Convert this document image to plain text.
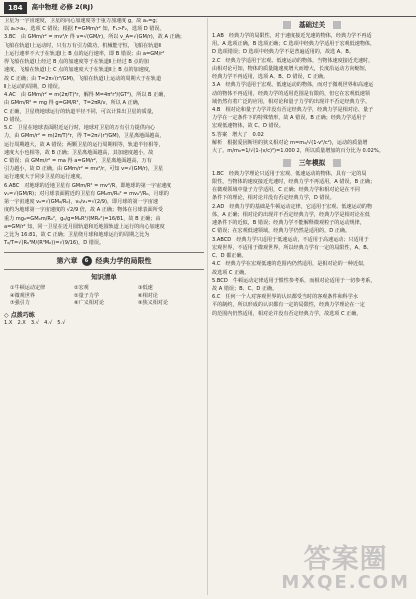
184	高中物理 必修 2(RJ)

卫星为一宇宙速度，卫星的向心加速度等于重力加速度 g，故 a₁=g；

以 a₁>a₂，选项 C 错误；根据 F=GMm/r² 知，F₁>F₂，选项 D 错误。

3.BC　由 GMm/r² = mv²/r 得 v=√(GM/r)，所以 v_A=√(GM/r)，故 A 正确；

飞船在轨道Ⅰ上运动时，只有万有引力做功，机械能守恒，飞船在轨道Ⅱ

上运行速率不大于在轨道Ⅰ上 B 点的运行速率，即 B 错误；由 a=GM/r²

得飞船在轨道Ⅰ上经过 B 点的加速度等于在轨道Ⅱ上经过 B 点的加

速度，飞船在轨道Ⅰ上 C 点的加速度大于在轨道Ⅱ上 B 点的加速度，

故 C 正确；由 T=2π√(r³/GM)，飞船在轨道Ⅰ上运动的周期大于在轨道

Ⅱ上运动的周期，D 错误。

4.AC　由 GMm/r² = m(2π/T)²r，解得 M=4π²r³/(GT²)，所以 B 正确，

由 GMm/R² = mg 得 g=GM/R²，T=2πR/v，所以 A 正确，

C 正确，卫星绕地球运行的轨道半径不同，可以计算出卫星的质量，

D 错误。

5.C　卫星在地球表面附近运行时，地球对卫星的万有引力提供向心

力，由 GMm/r² = m(2π/T)²r，得 T=2π√(r³/GM)，卫星离地面越高，

运行周期越大，故 A 错误；两颗卫星的运行周期相等，轨道半径相等，

速度大小也相等，故 B 正确；卫星离地面越高，其加速度越小，故

C 错误；由 GMm/r² = ma 得 a=GM/r²，卫星离地面越高，万有

引力越小，故 D 正确。由 GMm/r² = mv²/r，可知 v=√(GM/r)，卫星

运行速度大于同步卫星的运行速度。

6.ABC　对地球的近地卫星有 GMm/R² = mv²/R，即地球的第一宇宙速度

v₁=√(GM/R)；对月球表面附近的卫星有 GM₀m/R₀² = mv₀²/R₀，月球的

第一宇宙速度 v₀=√(GM₀/R₀)，v₀/v₁=√(2/9)，即月球的第一宇宙速

度约为地球第一宇宙速度的 √2/9 倍，故 A 正确；物体在月球表面所受

重力 mg₀=GM₀m/R₀²，g₀/g=M₀R²/(MR₀²)=16/81，故 B 正确；由

a=GM/r² 知，同一卫星在近月圆轨道和近地圆轨道上运行的向心加速度

之比为 16:81，故 C 正确；卫星绕月球和地球运行的周期之比为

T₀/T=√(R₀³M/(R³M₀))=√(9/16)，D 错误。

第六章	6	经典力学的局限性
知识清单
①牛顿运动定律	②宏观	③低速
④微观世界	⑤量子力学	⑥相对论
⑦强引力	⑧广义相对论	⑨狭义相对论
◇ 点拨巧练
1.X　2.X　3.√　4.√　5.√
基础过关

1.AB　经典力学的局限性，对于速度接近光速的物体，经典力学不再适

用。A 选项正确，B 选项正确；C 选项中经典力学适用于宏观低速物体，

D 选项错误；D 选项中经典力学不是普遍适用的，故选 A、B。

2.C　经典力学适用于宏观、低速运动的物体，当物体速度接近光速时，

由相对论可知，物体的质量随速度增大而增大，长度沿运动方向缩短，

经典力学不再适用，选项 A、B、D 错误，C 正确。

3.A　经典力学适用于宏观、低速运动的物体，而对于微观世界和高速运

动的物体不再适用，经典力学的适用范围是有限的，但它在宏观低速领

域仍然有着广泛的应用，相对论和量子力学的出现并不否定经典力学。

4.B　相对论和量子力学并没有否定经典力学，经典力学是相对论、量子

力学在一定条件下的特殊情形，故 A 错误、B 正确；经典力学适用于

宏观低速物体，故 C、D 错误。

5.答案　增大了　0.02

解析　根据爱因斯坦的狭义相对论 m=m₀/√(1-v²/c²)，运动的质量增

大了。m/m₀=1/√(1-(v/c)²)=1.000 2，所以质量增加的百分比为 0.02%。

三年模拟

1.BC　经典力学理论只适用于宏观、低速运动的物体，具有一定的局

限性，当物体的速度接近光速时，经典力学不再适用，A 错误，B 正确；

在微观领域中量子力学适用，C 正确；经典力学和相对论是在不同

条件下的理论，相对论并没有否定经典力学，D 错误。

2.AD　经典力学的基础是牛顿运动定律，它适用于宏观、低速运动的物

体，A 正确；相对论的出现并不否定经典力学，经典力学是相对论在低

速条件下的近似，B 错误；经典力学不能解释微观粒子的运动规律，

C 错误；在宏观低速领域，经典力学仍然是适用的，D 正确。

3.ABCD　经典力学只适用于低速运动，不适用于高速运动；只适用于

宏观世界，不适用于微观世界，所以经典力学有一定的局限性，A、B、

C、D 都正确。

4.C　经典力学在宏观低速的范围内仍然适用，是相对论的一种近似，

故选项 C 正确。

5.BCD　牛顿运动定律适用于惯性参考系，而相对论适用于一切参考系，

故 A 错误；B、C、D 正确。

6.C　任何一个人对客观世界的认识都受当时的客观条件和科学水

平的制约，所以形成的认识都有一定的局限性，经典力学理论在一定

的范围内仍然适用，相对论并没有否定经典力学，故选项 C 正确。

答案圈
MXQE.COM
